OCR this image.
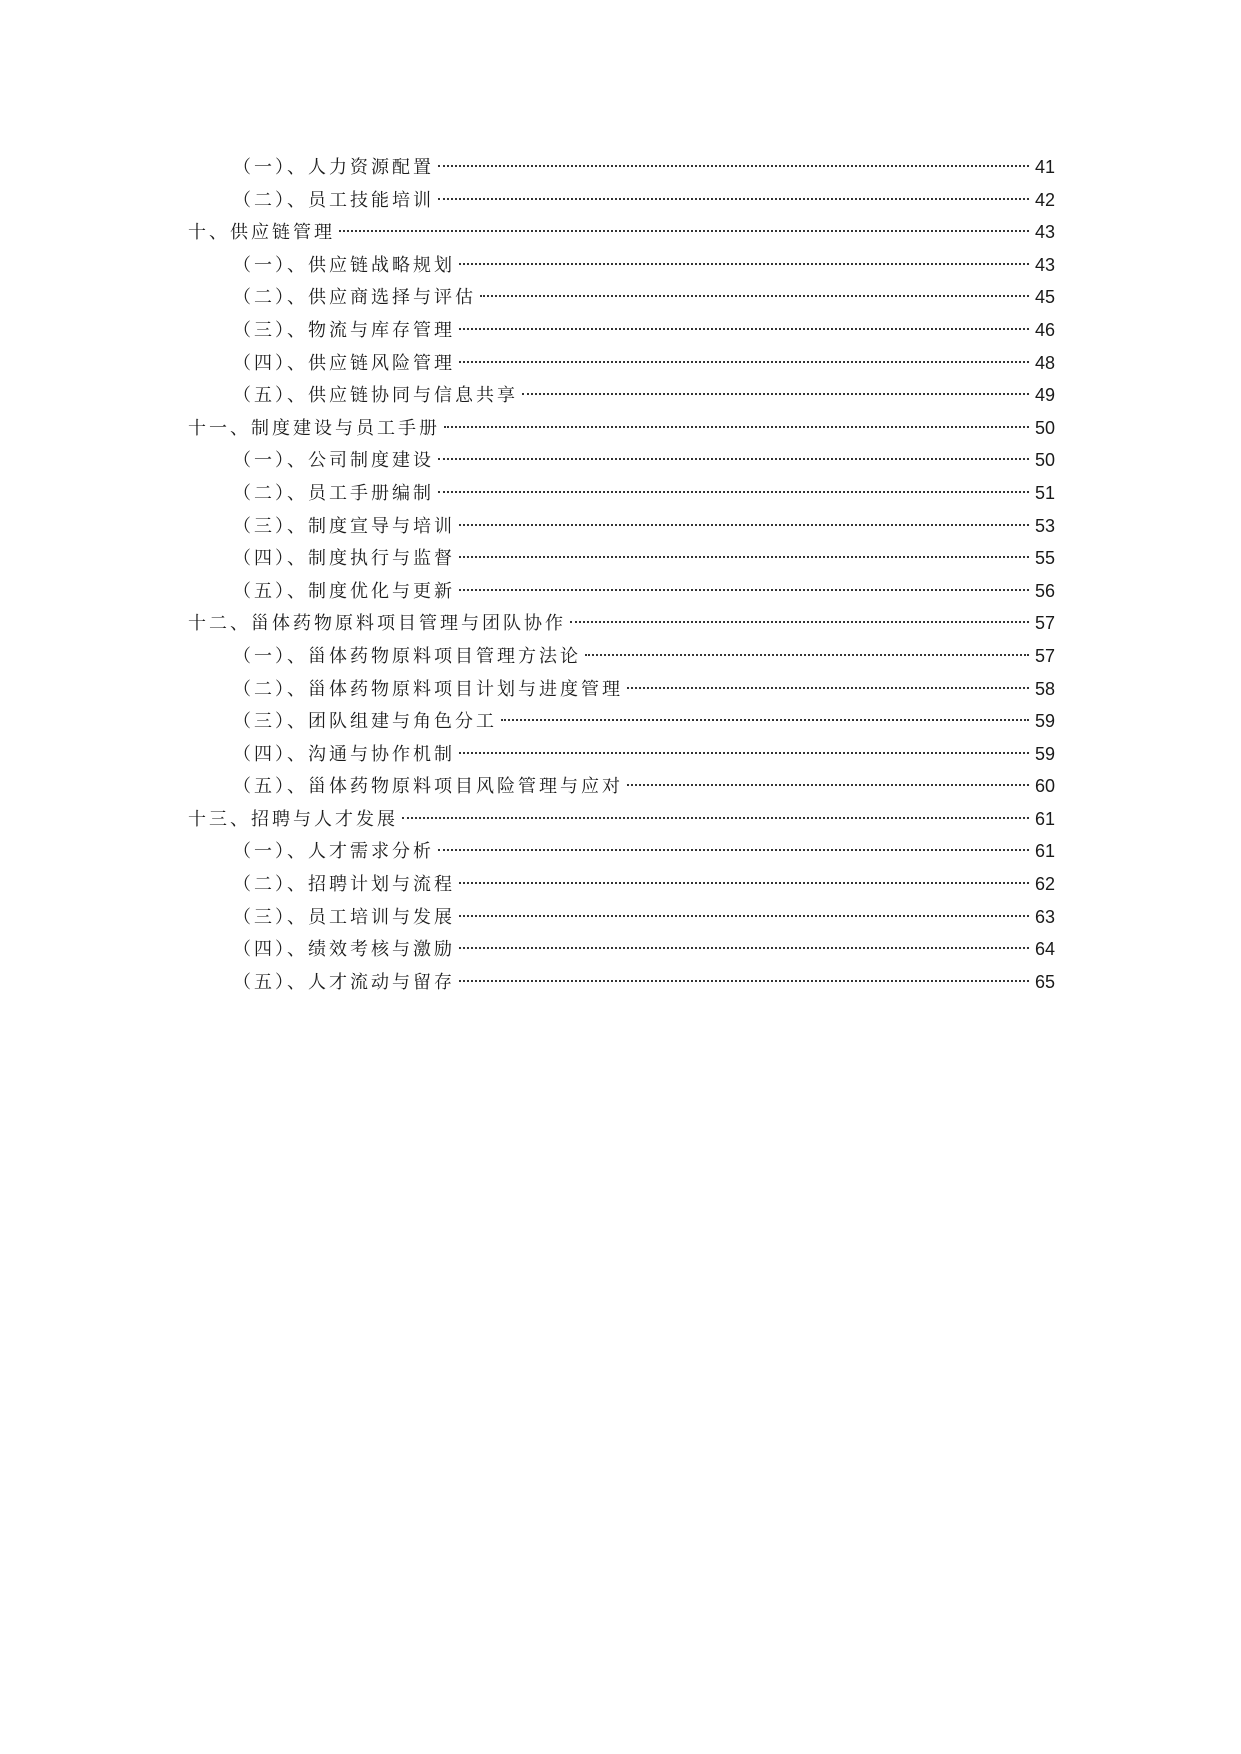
（一）、人力资源配置	41
（二）、员工技能培训	42
十、供应链管理	43
（一）、供应链战略规划	43
（二）、供应商选择与评估	45
（三）、物流与库存管理	46
（四）、供应链风险管理	48
（五）、供应链协同与信息共享	49
十一、制度建设与员工手册	50
（一）、公司制度建设	50
（二）、员工手册编制	51
（三）、制度宣导与培训	53
（四）、制度执行与监督	55
（五）、制度优化与更新	56
十二、甾体药物原料项目管理与团队协作	57
（一）、甾体药物原料项目管理方法论	57
（二）、甾体药物原料项目计划与进度管理	58
（三）、团队组建与角色分工	59
（四）、沟通与协作机制	59
（五）、甾体药物原料项目风险管理与应对	60
十三、招聘与人才发展	61
（一）、人才需求分析	61
（二）、招聘计划与流程	62
（三）、员工培训与发展	63
（四）、绩效考核与激励	64
（五）、人才流动与留存	65
